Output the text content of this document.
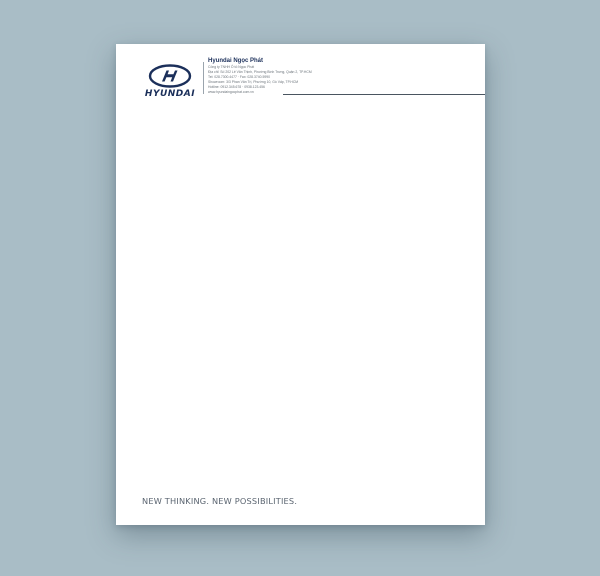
HYUNDAI
Hyundai Ngọc Phát
Công ty TNHH Ô tô Ngọc Phát
Địa chỉ: Số 202 Lê Văn Thịnh, Phường Bình Trưng, Quận 2, TP.HCM
Tel: 028.7300.4477 · Fax: 028.3740.5990
Showroom: 3/3 Phan Văn Trị, Phường 10, Gò Vấp, TP.HCM
Hotline: 0912.345.678 · 0938.123.456
www.hyundaingocphat.com.vn
NEW THINKING. NEW POSSIBILITIES.
